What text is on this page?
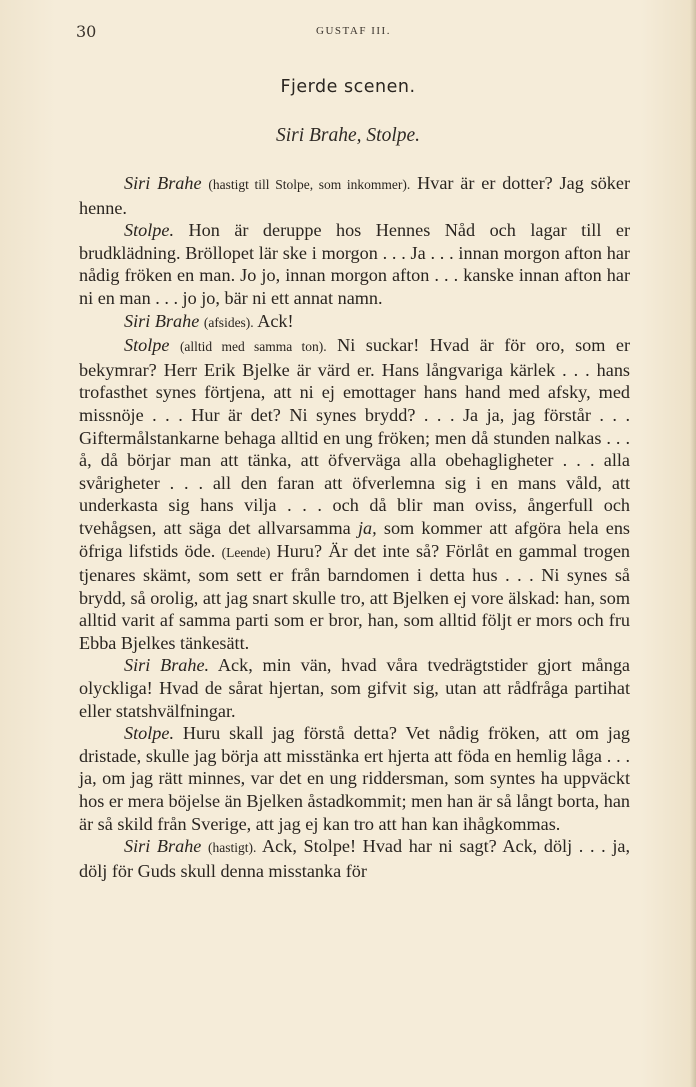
30	GUSTAF III.
Fjerde scenen.
Siri Brahe, Stolpe.

Siri Brahe (hastigt till Stolpe, som inkommer). Hvar är er dotter? Jag söker henne.

Stolpe. Hon är deruppe hos Hennes Nåd och lagar till er brudklädning. Bröllopet lär ske i morgon . . . Ja . . . innan morgon afton har nådig fröken en man. Jo jo, innan morgon afton . . . kanske innan afton har ni en man . . . jo jo, bär ni ett annat namn.

Siri Brahe (afsides). Ack!

Stolpe (alltid med samma ton). Ni suckar! Hvad är för oro, som er bekymrar? Herr Erik Bjelke är värd er. Hans långvariga kärlek . . . hans trofasthet synes förtjena, att ni ej emottager hans hand med afsky, med missnöje . . . Hur är det? Ni synes brydd? . . . Ja ja, jag förstår . . . Giftermålstankarne behaga alltid en ung fröken; men då stunden nalkas . . . å, då börjar man att tänka, att öfverväga alla obehagligheter . . . alla svårigheter . . . all den faran att öfverlemna sig i en mans våld, att underkasta sig hans vilja . . . och då blir man oviss, ångerfull och tvehågsen, att säga det allvarsamma ja, som kommer att afgöra hela ens öfriga lifstids öde. (Leende) Huru? Är det inte så? Förlåt en gammal trogen tjenares skämt, som sett er från barndomen i detta hus . . . Ni synes så brydd, så orolig, att jag snart skulle tro, att Bjelken ej vore älskad: han, som alltid varit af samma parti som er bror, han, som alltid följt er mors och fru Ebba Bjelkes tänkesätt.

Siri Brahe. Ack, min vän, hvad våra tvedrägtstider gjort många olyckliga! Hvad de sårat hjertan, som gifvit sig, utan att rådfråga partihat eller statshvälfningar.

Stolpe. Huru skall jag förstå detta? Vet nådig fröken, att om jag dristade, skulle jag börja att misstänka ert hjerta att föda en hemlig låga . . . ja, om jag rätt minnes, var det en ung riddersman, som syntes ha uppväckt hos er mera böjelse än Bjelken åstadkommit; men han är så långt borta, han är så skild från Sverige, att jag ej kan tro att han kan ihågkommas.

Siri Brahe (hastigt). Ack, Stolpe! Hvad har ni sagt? Ack, dölj . . . ja, dölj för Guds skull denna misstanka för
